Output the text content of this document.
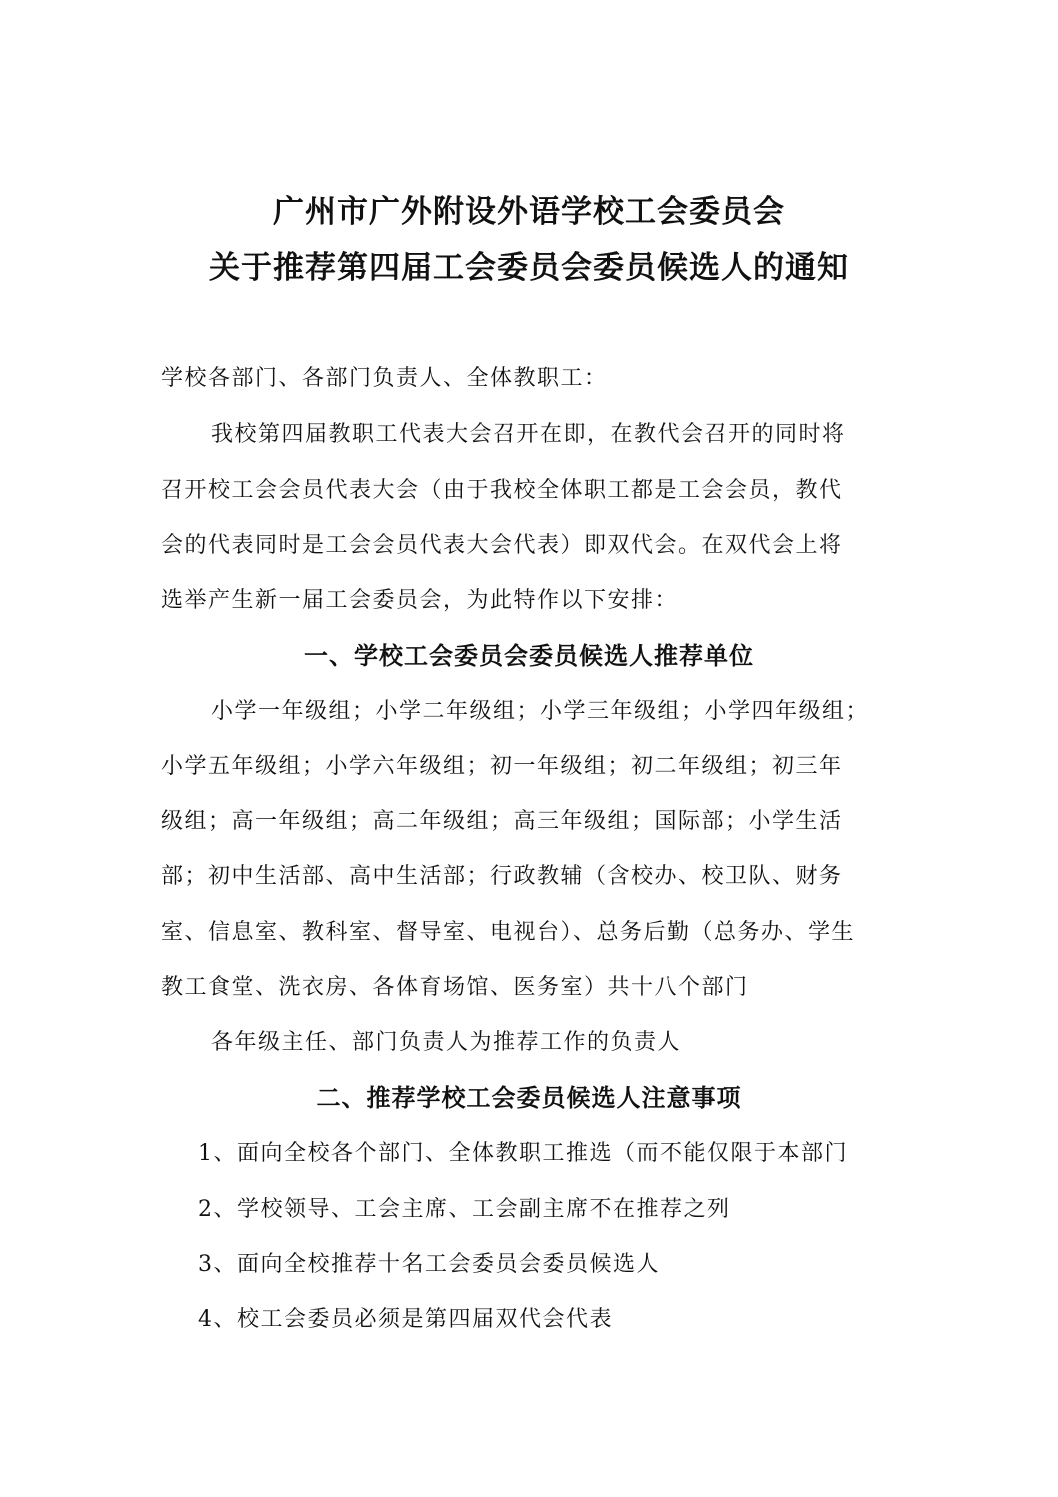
广州市广外附设外语学校工会委员会
关于推荐第四届工会委员会委员候选人的通知
学校各部门、各部门负责人、全体教职工：
我校第四届教职工代表大会召开在即，在教代会召开的同时将
召开校工会会员代表大会（由于我校全体职工都是工会会员，教代
会的代表同时是工会会员代表大会代表）即双代会。在双代会上将
选举产生新一届工会委员会，为此特作以下安排：
一、学校工会委员会委员候选人推荐单位
小学一年级组；小学二年级组；小学三年级组；小学四年级组；
小学五年级组；小学六年级组；初一年级组；初二年级组；初三年
级组；高一年级组；高二年级组；高三年级组；国际部；小学生活
部；初中生活部、高中生活部；行政教辅（含校办、校卫队、财务
室、信息室、教科室、督导室、电视台）、总务后勤（总务办、学生
教工食堂、洗衣房、各体育场馆、医务室）共十八个部门
各年级主任、部门负责人为推荐工作的负责人
二、推荐学校工会委员候选人注意事项
1、面向全校各个部门、全体教职工推选（而不能仅限于本部门
2、学校领导、工会主席、工会副主席不在推荐之列
3、面向全校推荐十名工会委员会委员候选人
4、校工会委员必须是第四届双代会代表
